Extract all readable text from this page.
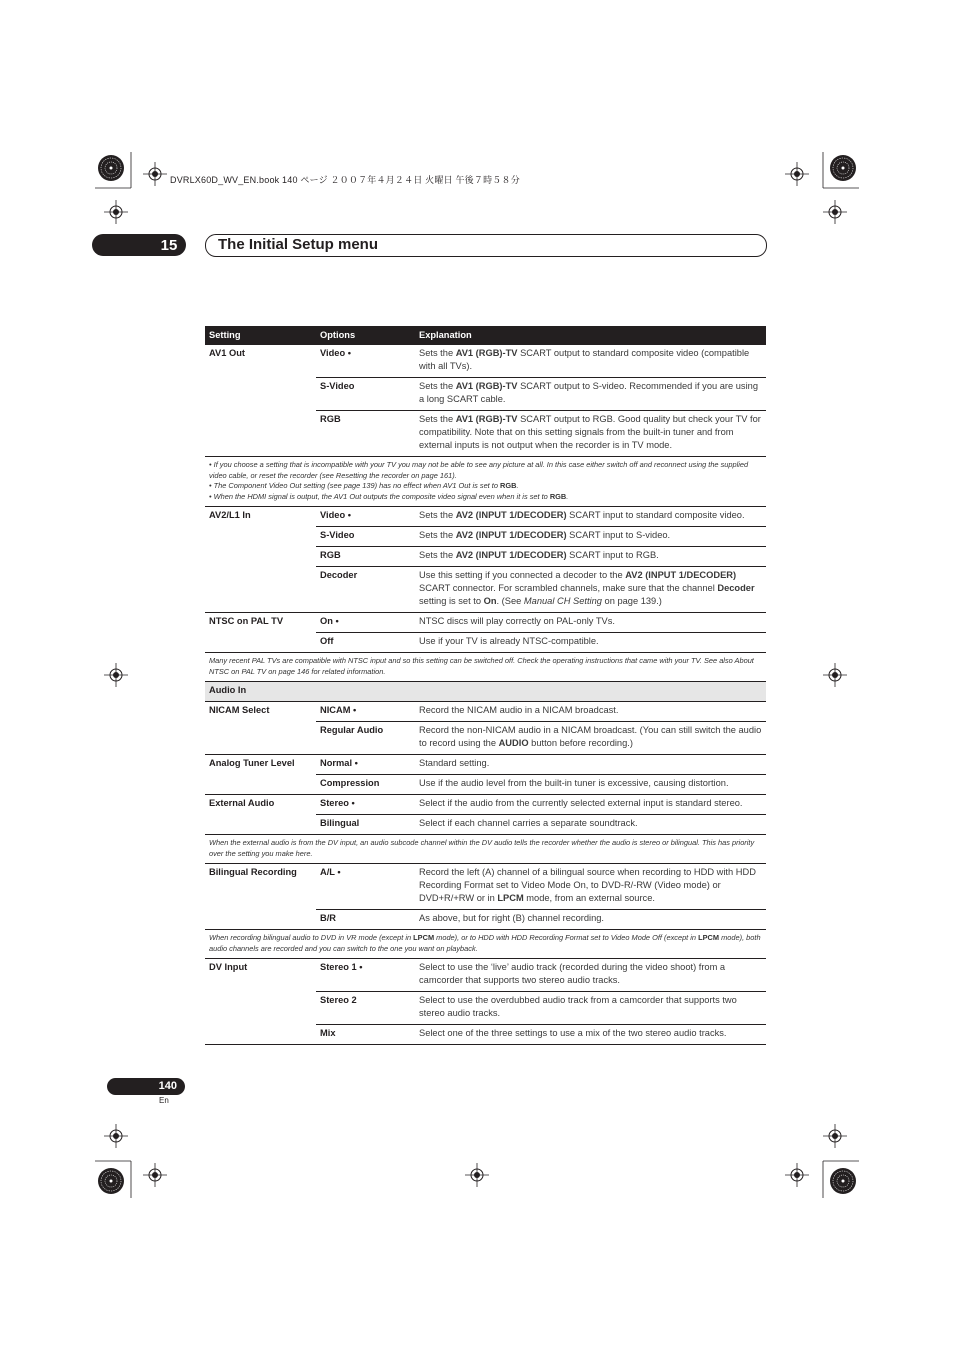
DVRLX60D_WV_EN.book 140 ページ ２００７年４月２４日 火曜日 午後７時５８分
15	The Initial Setup menu
Setting	Options	Explanation
AV1 Out	Video •	Sets the AV1 (RGB)-TV SCART output to standard composite video (compatible with all TVs).
	S-Video	Sets the AV1 (RGB)-TV SCART output to S-video. Recommended if you are using a long SCART cable.
	RGB	Sets the AV1 (RGB)-TV SCART output to RGB. Good quality but check your TV for compatibility. Note that on this setting signals from the built-in tuner and from external inputs is not output when the recorder is in TV mode.

• If you choose a setting that is incompatible with your TV you may not be able to see any picture at all. In this case either switch off and reconnect using the supplied video cable, or reset the recorder (see Resetting the recorder on page 161).
• The Component Video Out setting (see page 139) has no effect when AV1 Out is set to RGB.
• When the HDMI signal is output, the AV1 Out outputs the composite video signal even when it is set to RGB.		

AV2/L1 In	Video •	Sets the AV2 (INPUT 1/DECODER) SCART input to standard composite video.
	S-Video	Sets the AV2 (INPUT 1/DECODER) SCART input to S-video.
	RGB	Sets the AV2 (INPUT 1/DECODER) SCART input to RGB.
	Decoder	Use this setting if you connected a decoder to the AV2 (INPUT 1/DECODER) SCART connector. For scrambled channels, make sure that the channel Decoder setting is set to On. (See Manual CH Setting on page 139.)
NTSC on PAL TV	On •	NTSC discs will play correctly on PAL-only TVs.
	Off	Use if your TV is already NTSC-compatible.
Many recent PAL TVs are compatible with NTSC input and so this setting can be switched off. Check the operating instructions that came with your TV. See also About NTSC on PAL TV on page 146 for related information.		
Audio In		
NICAM Select	NICAM •	Record the NICAM audio in a NICAM broadcast.
	Regular Audio	Record the non-NICAM audio in a NICAM broadcast. (You can still switch the audio to record using the AUDIO button before recording.)
Analog Tuner Level	Normal •	Standard setting.
	Compression	Use if the audio level from the built-in tuner is excessive, causing distortion.
External Audio	Stereo •	Select if the audio from the currently selected external input is standard stereo.
	Bilingual	Select if each channel carries a separate soundtrack.
When the external audio is from the DV input, an audio subcode channel within the DV audio tells the recorder whether the audio is stereo or bilingual. This has priority over the setting you make here.		
Bilingual Recording	A/L •	Record the left (A) channel of a bilingual source when recording to HDD with HDD Recording Format set to Video Mode On, to DVD-R/-RW (Video mode) or DVD+R/+RW or in LPCM mode, from an external source.
	B/R	As above, but for right (B) channel recording.
When recording bilingual audio to DVD in VR mode (except in LPCM mode), or to HDD with HDD Recording Format set to Video Mode Off (except in LPCM mode), both audio channels are recorded and you can switch to the one you want on playback.		
DV Input	Stereo 1 •	Select to use the ‘live’ audio track (recorded during the video shoot) from a camcorder that supports two stereo audio tracks.
	Stereo 2	Select to use the overdubbed audio track from a camcorder that supports two stereo audio tracks.
	Mix	Select one of the three settings to use a mix of the two stereo audio tracks.
140
En
